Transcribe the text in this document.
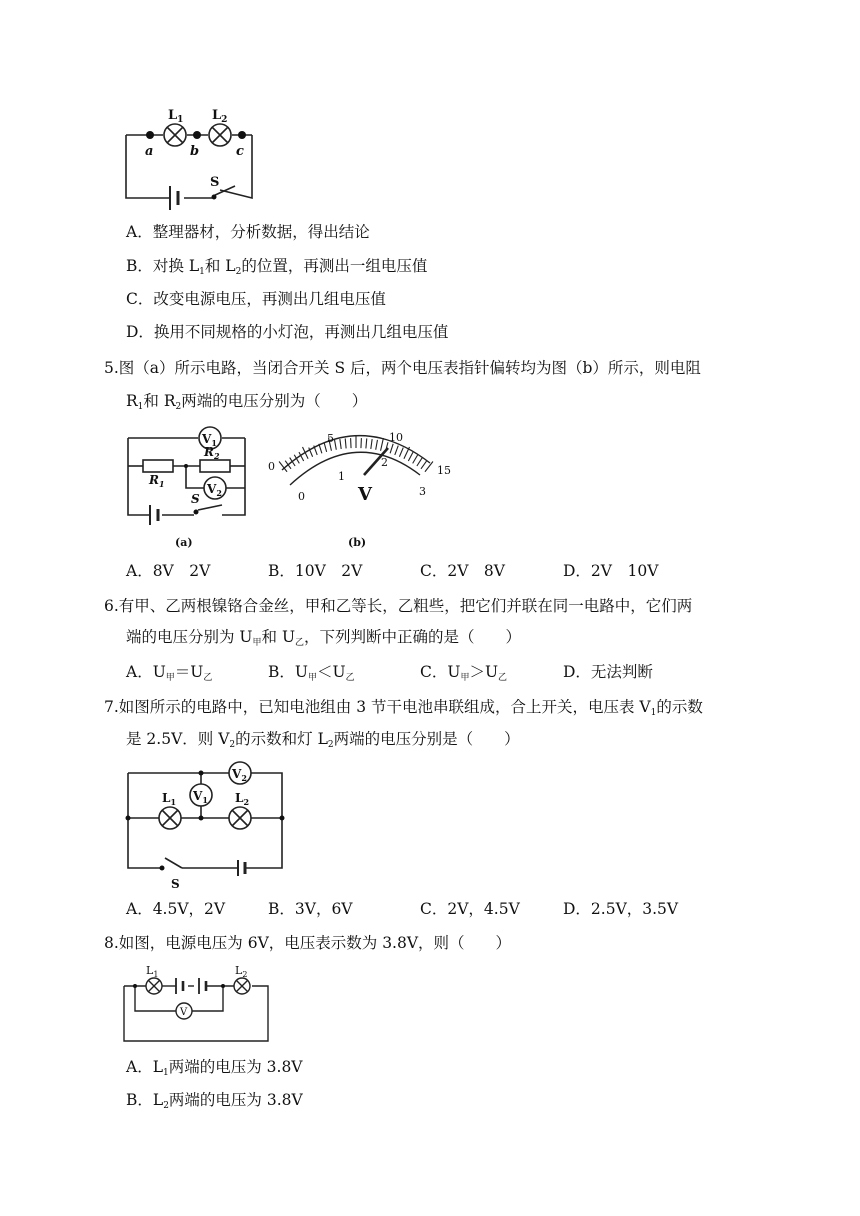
$L_1$ $L_2$
a	b	c
S
A．整理器材，分析数据，得出结论
B．对换 $L_1$和 $L_2$的位置，再测出一组电压值
C．改变电源电压，再测出几组电压值
D．换用不同规格的小灯泡，再测出几组电压值
5.图（a）所示电路，当闭合开关 S 后，两个电压表指针偏转均为图（b）所示，则电阻
$R_1$和 $R_2$两端的电压分别为（　　）
$V_1$
$R_2$
$R_1$	$V_2$
S
(a)
0
5	10
15
0
1
2
3
V
(b)
A．8V　2V	B．10V　2V	C．2V　8V	D．2V　10V
6.有甲、乙两根镍铬合金丝，甲和乙等长，乙粗些，把它们并联在同一电路中，它们两
端的电压分别为 $U_甲$和 $U_乙$，下列判断中正确的是（　　）
A．$U_甲=U_乙$	B．$U_甲<U_乙$	C．$U_甲>U_乙$	D．无法判断
7.如图所示的电路中，已知电池组由 3 节干电池串联组成，合上开关，电压表 $V_1$的示数
是 2.5V．则 $V_2$的示数和灯 $L_2$两端的电压分别是（　　）
$V_2$
$L_1$ $V_1$ $L_2$
S
A．4.5V，2V	B．3V，6V	C．2V，4.5V	D．2.5V，3.5V
8.如图，电源电压为 6V，电压表示数为 3.8V，则（　　）
$L_1$	$L_2$
V
A．$L_1$两端的电压为 3.8V
B．$L_2$两端的电压为 3.8V
